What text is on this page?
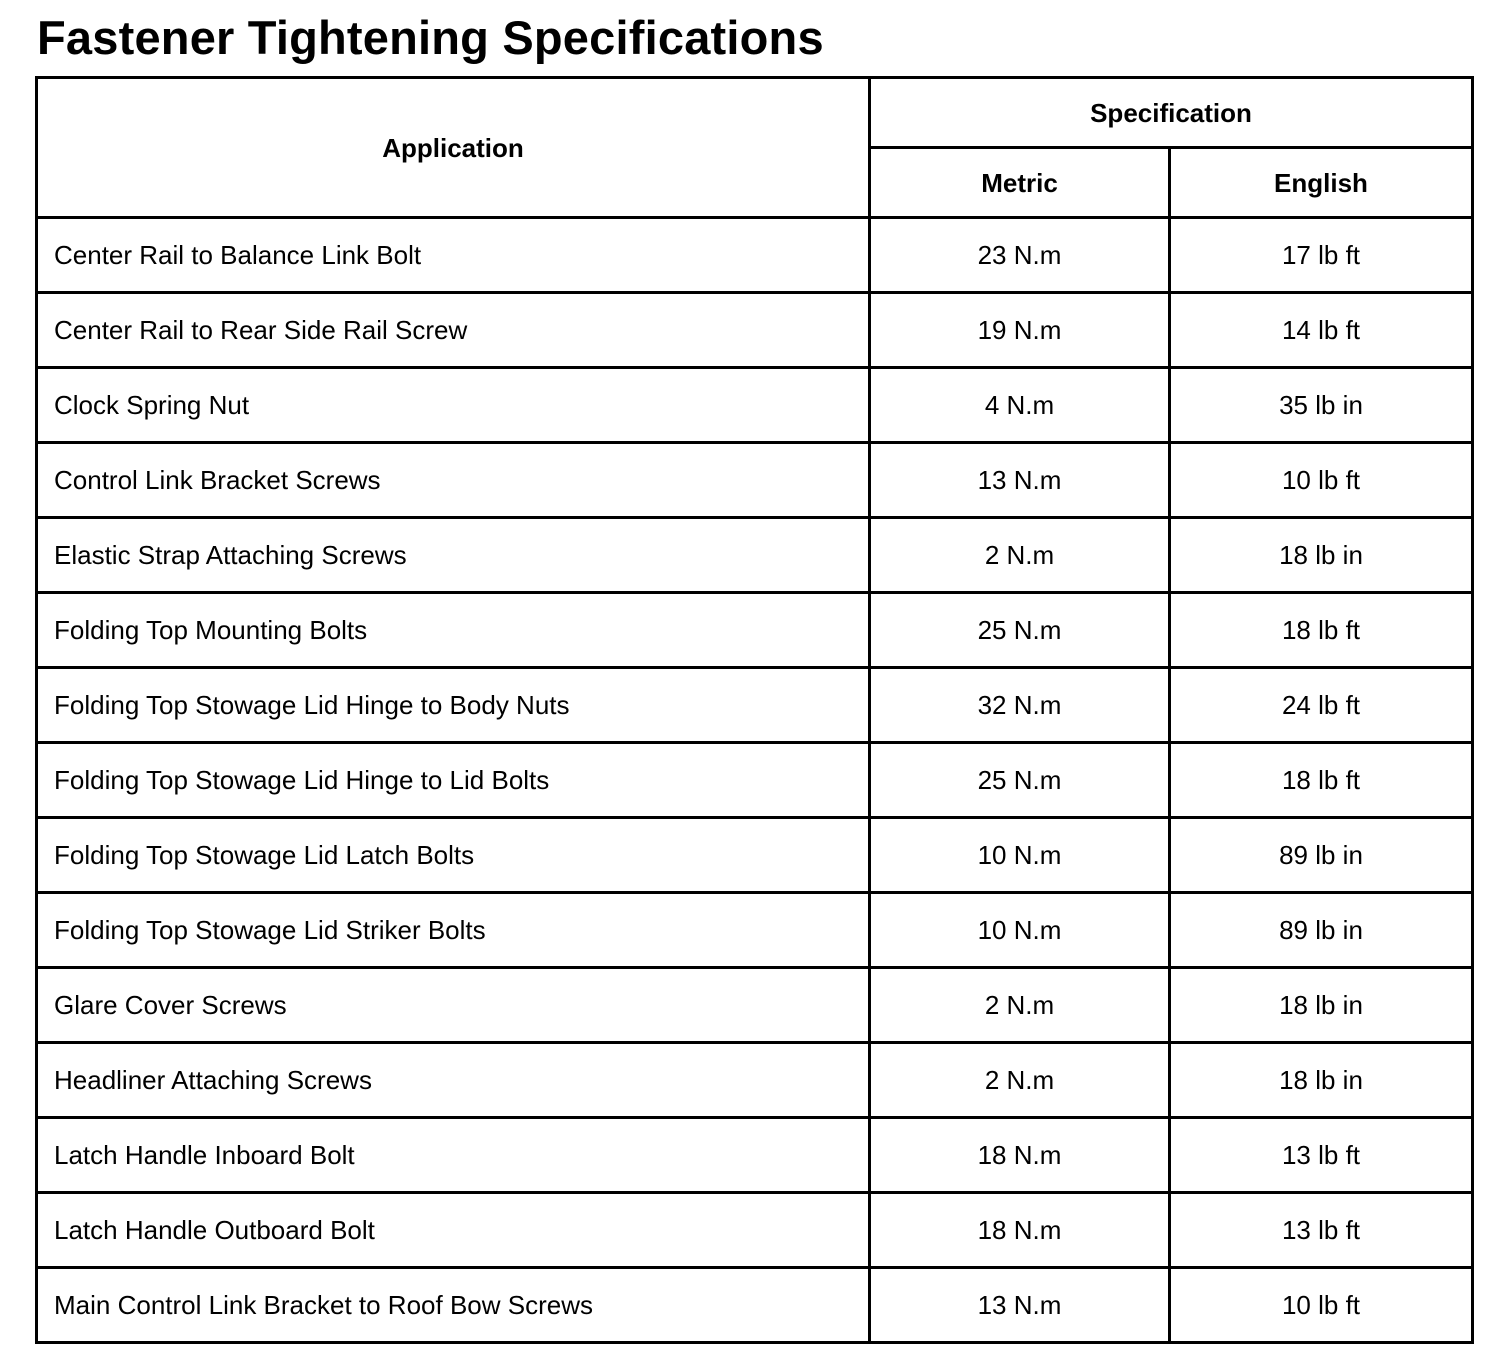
Fastener Tightening Specifications
Application	Specification	
	Metric	English
Center Rail to Balance Link Bolt	23 N.m	17 lb ft
Center Rail to Rear Side Rail Screw	19 N.m	14 lb ft
Clock Spring Nut	4 N.m	35 lb in
Control Link Bracket Screws	13 N.m	10 lb ft
Elastic Strap Attaching Screws	2 N.m	18 lb in
Folding Top Mounting Bolts	25 N.m	18 lb ft
Folding Top Stowage Lid Hinge to Body Nuts	32 N.m	24 lb ft
Folding Top Stowage Lid Hinge to Lid Bolts	25 N.m	18 lb ft
Folding Top Stowage Lid Latch Bolts	10 N.m	89 lb in
Folding Top Stowage Lid Striker Bolts	10 N.m	89 lb in
Glare Cover Screws	2 N.m	18 lb in
Headliner Attaching Screws	2 N.m	18 lb in
Latch Handle Inboard Bolt	18 N.m	13 lb ft
Latch Handle Outboard Bolt	18 N.m	13 lb ft
Main Control Link Bracket to Roof Bow Screws	13 N.m	10 lb ft
